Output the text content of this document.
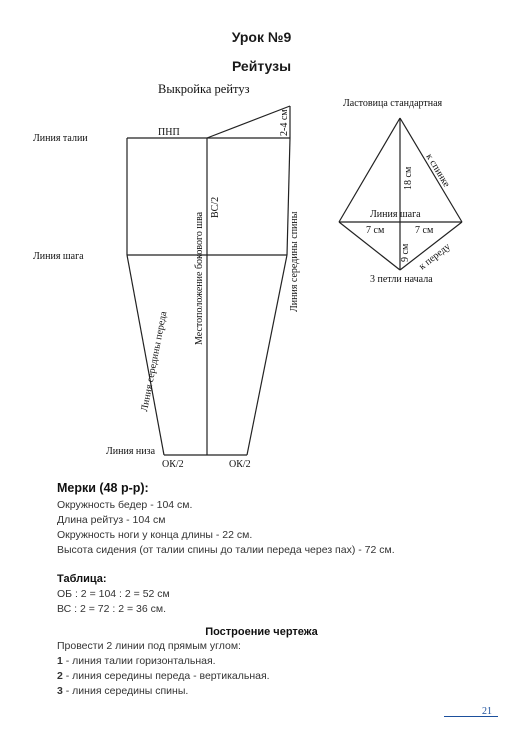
Урок №9
Рейтузы
Выкройка рейтуз
Линия талии
ПНП	2-4 см
ВС/2
Местоположение бокового шва	Линия середины спины
Линия шага
Линия середины переда
Линия низа
ОК/2	ОК/2
Ластовица стандартная
к спинке
18 см
Линия шага
7 см	7 см
9 см к переду
3 петли начала
Мерки (48 р-р):
Окружность бедер - 104 см.
Длина рейтуз - 104 см
Окружность ноги у конца длины - 22 см.
Высота сидения (от талии спины до талии переда через пах) - 72 см.
Таблица:
ОБ : 2 = 104 : 2 = 52 см
ВС : 2 = 72 : 2 = 36 см.
Построение чертежа
Провести 2 линии под прямым углом:
1 - линия талии горизонтальная.
2 - линия середины переда - вертикальная.
3 - линия середины спины.
21
